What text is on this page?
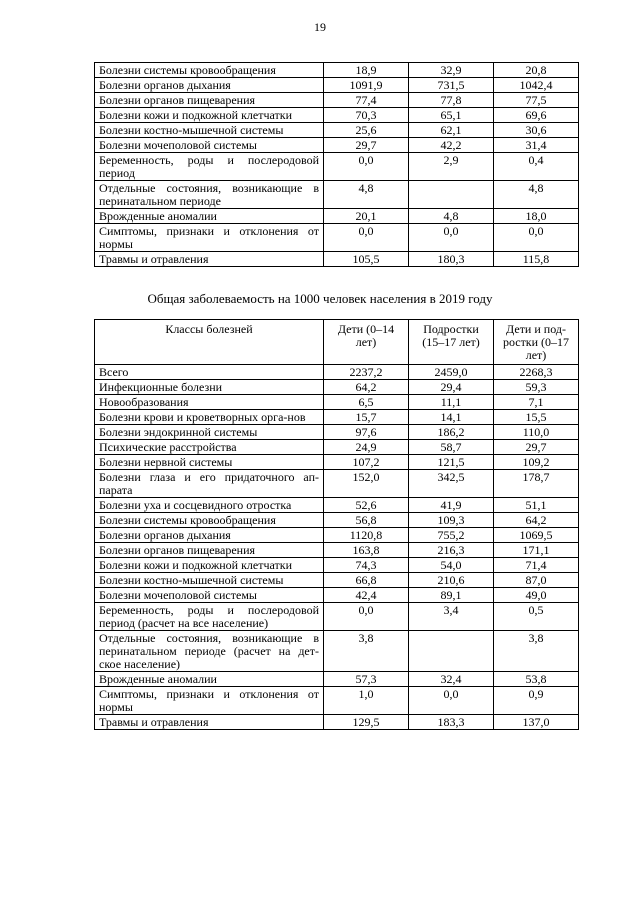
19
Болезни системы кровообращения	18,9	32,9	20,8
Болезни органов дыхания	1091,9	731,5	1042,4
Болезни органов пищеварения	77,4	77,8	77,5
Болезни кожи и подкожной клетчатки	70,3	65,1	69,6
Болезни костно-мышечной системы	25,6	62,1	30,6
Болезни мочеполовой системы	29,7	42,2	31,4
Беременность, роды и послеродовой период	0,0	2,9	0,4
Отдельные состояния, возникающие в перинатальном периоде	4,8		4,8
Врожденные аномалии	20,1	4,8	18,0
Симптомы, признаки и отклонения от нормы	0,0	0,0	0,0
Травмы и отравления	105,5	180,3	115,8
Общая заболеваемость на 1000 человек населения в 2019 году
Классы болезней	Дети (0–14 лет)	Подростки (15–17 лет)	Дети и под-ростки (0–17 лет)
Всего	2237,2	2459,0	2268,3
Инфекционные болезни	64,2	29,4	59,3
Новообразования	6,5	11,1	7,1
Болезни крови и кроветворных орга-нов	15,7	14,1	15,5
Болезни эндокринной системы	97,6	186,2	110,0
Психические расстройства	24,9	58,7	29,7
Болезни нервной системы	107,2	121,5	109,2
Болезни глаза и его придаточного ап-парата	152,0	342,5	178,7
Болезни уха и сосцевидного отростка	52,6	41,9	51,1
Болезни системы кровообращения	56,8	109,3	64,2
Болезни органов дыхания	1120,8	755,2	1069,5
Болезни органов пищеварения	163,8	216,3	171,1
Болезни кожи и подкожной клетчатки	74,3	54,0	71,4
Болезни костно-мышечной системы	66,8	210,6	87,0
Болезни мочеполовой системы	42,4	89,1	49,0
Беременность, роды и послеродовой период (расчет на все население)	0,0	3,4	0,5
Отдельные состояния, возникающие в перинатальном периоде (расчет на дет-ское население)	3,8		3,8
Врожденные аномалии	57,3	32,4	53,8
Симптомы, признаки и отклонения от нормы	1,0	0,0	0,9
Травмы и отравления	129,5	183,3	137,0
